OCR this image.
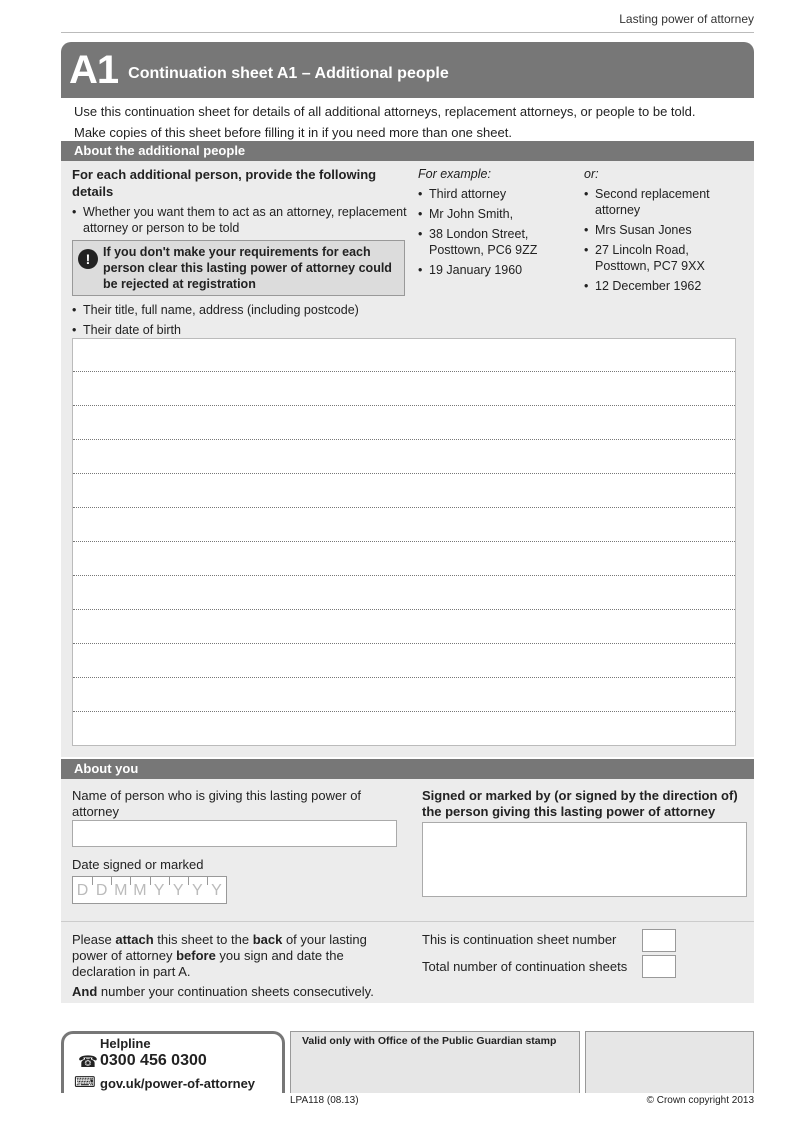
Lasting power of attorney
A1 Continuation sheet A1 – Additional people
Use this continuation sheet for details of all additional attorneys, replacement attorneys, or people to be told.
Make copies of this sheet before filling it in if you need more than one sheet.
About the additional people
For each additional person, provide the following details
• Whether you want them to act as an attorney, replacement attorney or person to be told
!	If you don't make your requirements for each person clear this lasting power of attorney could be rejected at registration
• Their title, full name, address (including postcode)
• Their date of birth
For example:
• Third attorney
• Mr John Smith,
• 38 London Street, Posttown, PC6 9ZZ
• 19 January 1960
or:
• Second replacement attorney
• Mrs Susan Jones
• 27 Lincoln Road, Posttown, PC7 9XX
• 12 December 1962
About you
Name of person who is giving this lasting power of attorney
Date signed or marked
D D M M Y Y Y Y
Signed or marked by (or signed by the direction of) the person giving this lasting power of attorney
Please attach this sheet to the back of your lasting power of attorney before you sign and date the declaration in part A.
And number your continuation sheets consecutively.
This is continuation sheet number
Total number of continuation sheets
Helpline
☎ 0300 456 0300
⌨ gov.uk/power-of-attorney
Valid only with Office of the Public Guardian stamp
LPA118 (08.13)	© Crown copyright 2013
